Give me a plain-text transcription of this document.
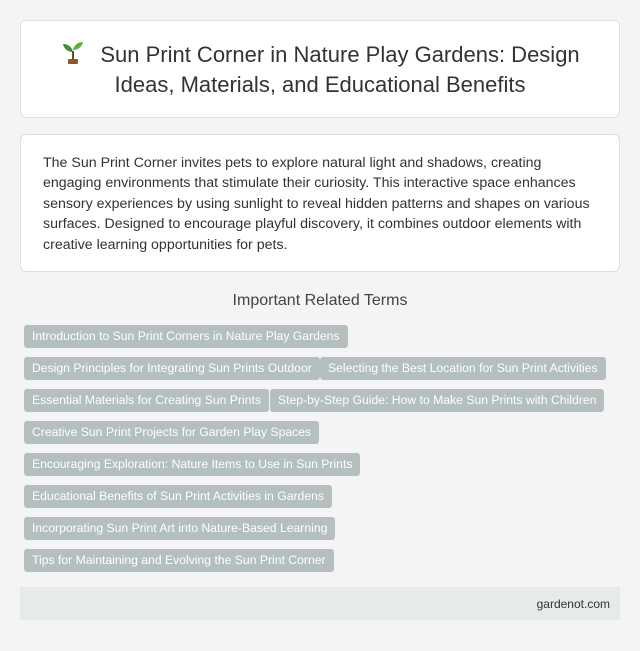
Sun Print Corner in Nature Play Gardens: Design Ideas, Materials, and Educational Benefits

The Sun Print Corner invites pets to explore natural light and shadows, creating engaging environments that stimulate their curiosity. This interactive space enhances sensory experiences by using sunlight to reveal hidden patterns and shapes on various surfaces. Designed to encourage playful discovery, it combines outdoor elements with creative learning opportunities for pets.

Important Related Terms
Introduction to Sun Print Corners in Nature Play Gardens
Design Principles for Integrating Sun Prints Outdoor	Selecting the Best Location for Sun Print Activities
Essential Materials for Creating Sun Prints	Step-by-Step Guide: How to Make Sun Prints with Children
Creative Sun Print Projects for Garden Play Spaces
Encouraging Exploration: Nature Items to Use in Sun Prints
Educational Benefits of Sun Print Activities in Gardens
Incorporating Sun Print Art into Nature-Based Learning
Tips for Maintaining and Evolving the Sun Print Corner
gardenot.com
